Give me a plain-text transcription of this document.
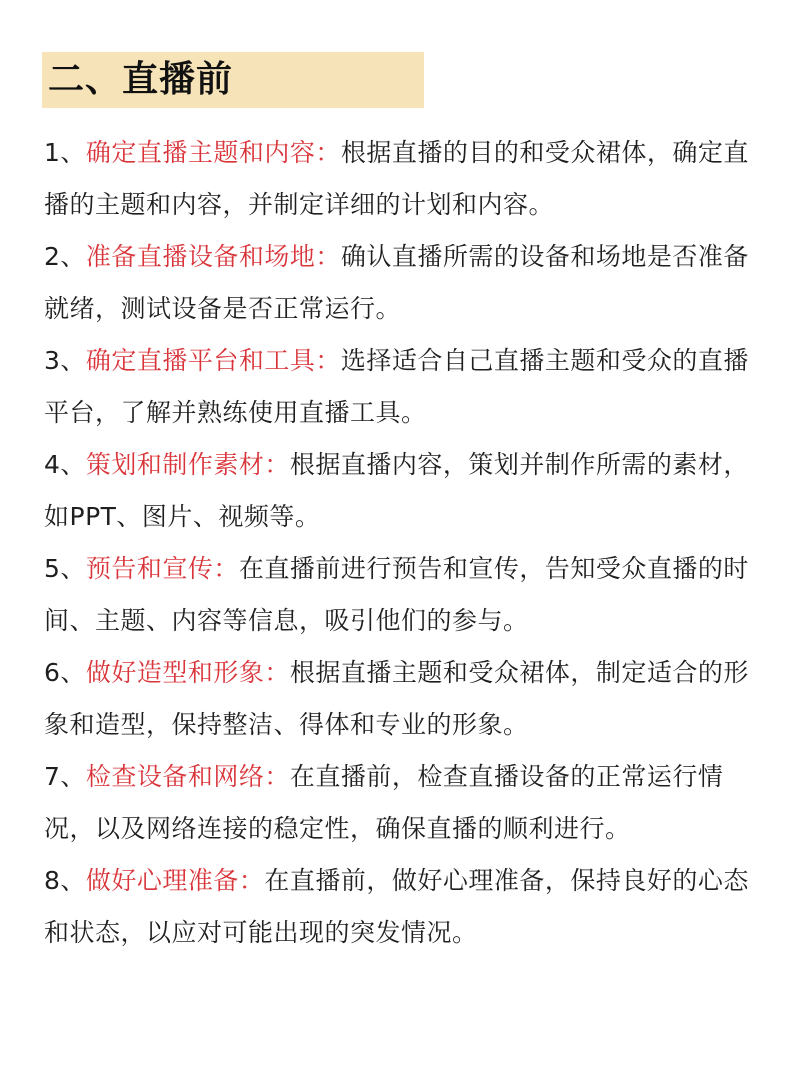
二、直播前

1、确定直播主题和内容：根据直播的目的和受众裙体，确定直播的主题和内容，并制定详细的计划和内容。

2、准备直播设备和场地：确认直播所需的设备和场地是否准备就绪，测试设备是否正常运行。

3、确定直播平台和工具：选择适合自己直播主题和受众的直播平台，了解并熟练使用直播工具。

4、策划和制作素材：根据直播内容，策划并制作所需的素材，如PPT、图片、视频等。

5、预告和宣传：在直播前进行预告和宣传，告知受众直播的时间、主题、内容等信息，吸引他们的参与。

6、做好造型和形象：根据直播主题和受众裙体，制定适合的形象和造型，保持整洁、得体和专业的形象。

7、检查设备和网络：在直播前，检查直播设备的正常运行情况，以及网络连接的稳定性，确保直播的顺利进行。

8、做好心理准备：在直播前，做好心理准备，保持良好的心态和状态，以应对可能出现的突发情况。
